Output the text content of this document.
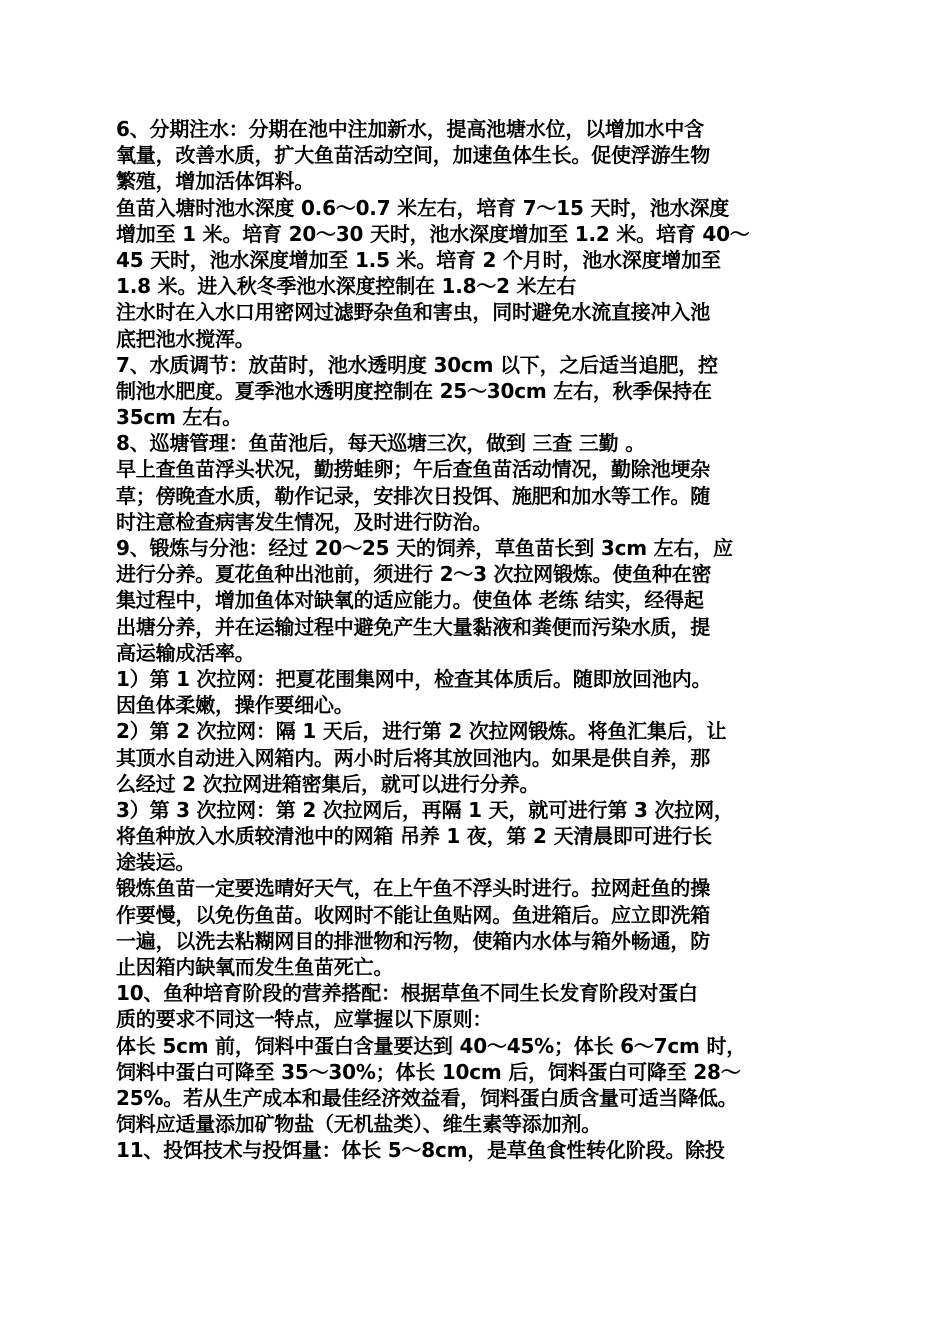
6、分期注水：分期在池中注加新水，提高池塘水位，以增加水中含
氧量，改善水质，扩大鱼苗活动空间，加速鱼体生长。促使浮游生物
繁殖，增加活体饵料。
鱼苗入塘时池水深度 0.6～0.7 米左右，培育 7～15 天时，池水深度
增加至 1 米。培育 20～30 天时，池水深度增加至 1.2 米。培育 40～
45 天时，池水深度增加至 1.5 米。培育 2 个月时，池水深度增加至
1.8 米。进入秋冬季池水深度控制在 1.8～2 米左右
注水时在入水口用密网过滤野杂鱼和害虫，同时避免水流直接冲入池
底把池水搅浑。
7、水质调节：放苗时，池水透明度 30cm 以下，之后适当追肥，控
制池水肥度。夏季池水透明度控制在 25～30cm 左右，秋季保持在
35cm 左右。
8、巡塘管理：鱼苗池后，每天巡塘三次，做到 三查 三勤 。
早上查鱼苗浮头状况，勤捞蛙卵；午后查鱼苗活动情况，勤除池埂杂
草；傍晚查水质，勒作记录，安排次日投饵、施肥和加水等工作。随
时注意检查病害发生情况，及时进行防治。
9、锻炼与分池：经过 20～25 天的饲养，草鱼苗长到 3cm 左右，应
进行分养。夏花鱼种出池前，须进行 2～3 次拉网锻炼。使鱼种在密
集过程中，增加鱼体对缺氧的适应能力。使鱼体 老练 结实，经得起
出塘分养，并在运输过程中避免产生大量黏液和粪便而污染水质，提
高运输成活率。
1）第 1 次拉网：把夏花围集网中，检查其体质后。随即放回池内。
因鱼体柔嫩，操作要细心。
2）第 2 次拉网：隔 1 天后，进行第 2 次拉网锻炼。将鱼汇集后，让
其顶水自动进入网箱内。两小时后将其放回池内。如果是供自养，那
么经过 2 次拉网进箱密集后，就可以进行分养。
3）第 3 次拉网：第 2 次拉网后，再隔 1 天，就可进行第 3 次拉网，
将鱼种放入水质较清池中的网箱 吊养 1 夜，第 2 天清晨即可进行长
途装运。
锻炼鱼苗一定要选晴好天气，在上午鱼不浮头时进行。拉网赶鱼的操
作要慢，以免伤鱼苗。收网时不能让鱼贴网。鱼进箱后。应立即洗箱
一遍，以洗去粘糊网目的排泄物和污物，使箱内水体与箱外畅通，防
止因箱内缺氧而发生鱼苗死亡。
10、鱼种培育阶段的营养搭配：根据草鱼不同生长发育阶段对蛋白
质的要求不同这一特点，应掌握以下原则：
体长 5cm 前，饲料中蛋白含量要达到 40～45%；体长 6～7cm 时，
饲料中蛋白可降至 35～30%；体长 10cm 后，饲料蛋白可降至 28～
25%。若从生产成本和最佳经济效益看，饲料蛋白质含量可适当降低。
饲料应适量添加矿物盐（无机盐类）、维生素等添加剂。
11、投饵技术与投饵量：体长 5～8cm，是草鱼食性转化阶段。除投
